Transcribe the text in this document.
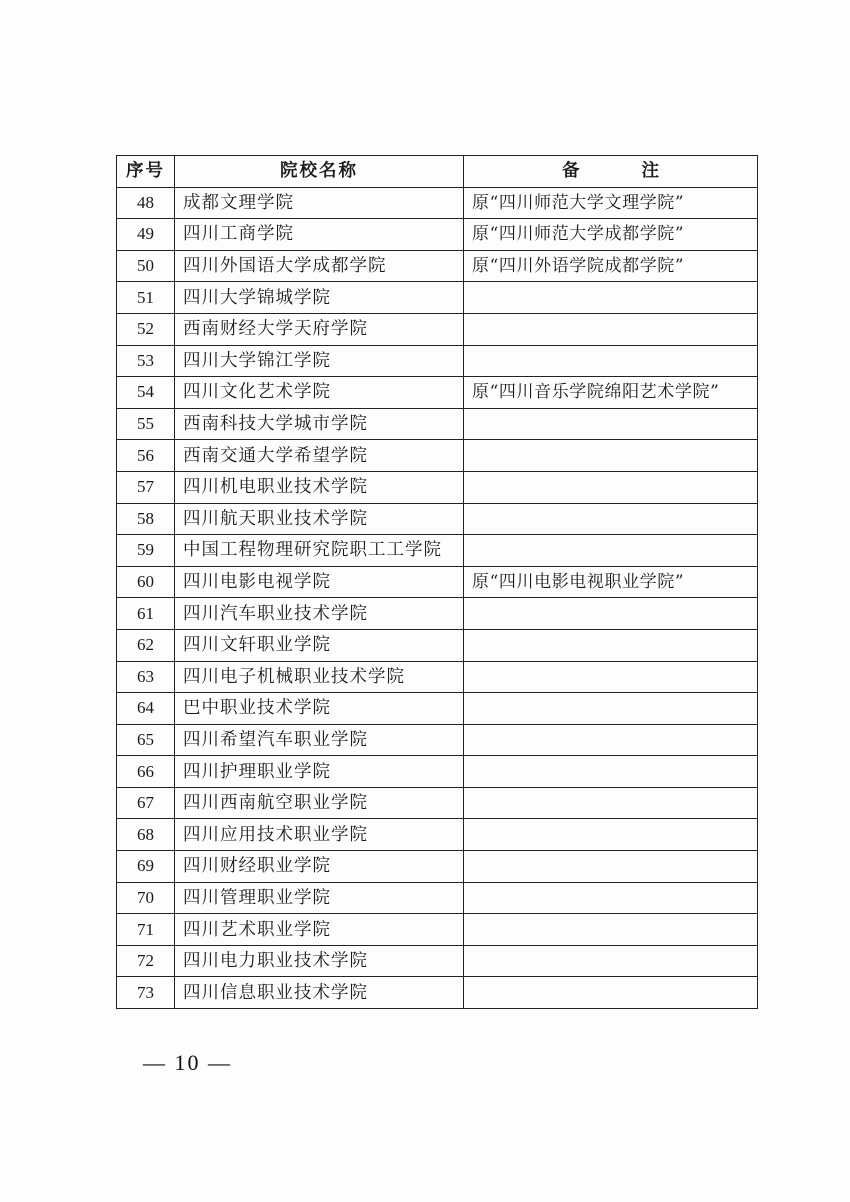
序号	院校名称	备 注
48	成都文理学院	原“四川师范大学文理学院”
49	四川工商学院	原“四川师范大学成都学院”
50	四川外国语大学成都学院	原“四川外语学院成都学院”
51	四川大学锦城学院	
52	西南财经大学天府学院	
53	四川大学锦江学院	
54	四川文化艺术学院	原“四川音乐学院绵阳艺术学院”
55	西南科技大学城市学院	
56	西南交通大学希望学院	
57	四川机电职业技术学院	
58	四川航天职业技术学院	
59	中国工程物理研究院职工工学院	
60	四川电影电视学院	原“四川电影电视职业学院”
61	四川汽车职业技术学院	
62	四川文轩职业学院	
63	四川电子机械职业技术学院	
64	巴中职业技术学院	
65	四川希望汽车职业学院	
66	四川护理职业学院	
67	四川西南航空职业学院	
68	四川应用技术职业学院	
69	四川财经职业学院	
70	四川管理职业学院	
71	四川艺术职业学院	
72	四川电力职业技术学院	
73	四川信息职业技术学院	
— 10 —
